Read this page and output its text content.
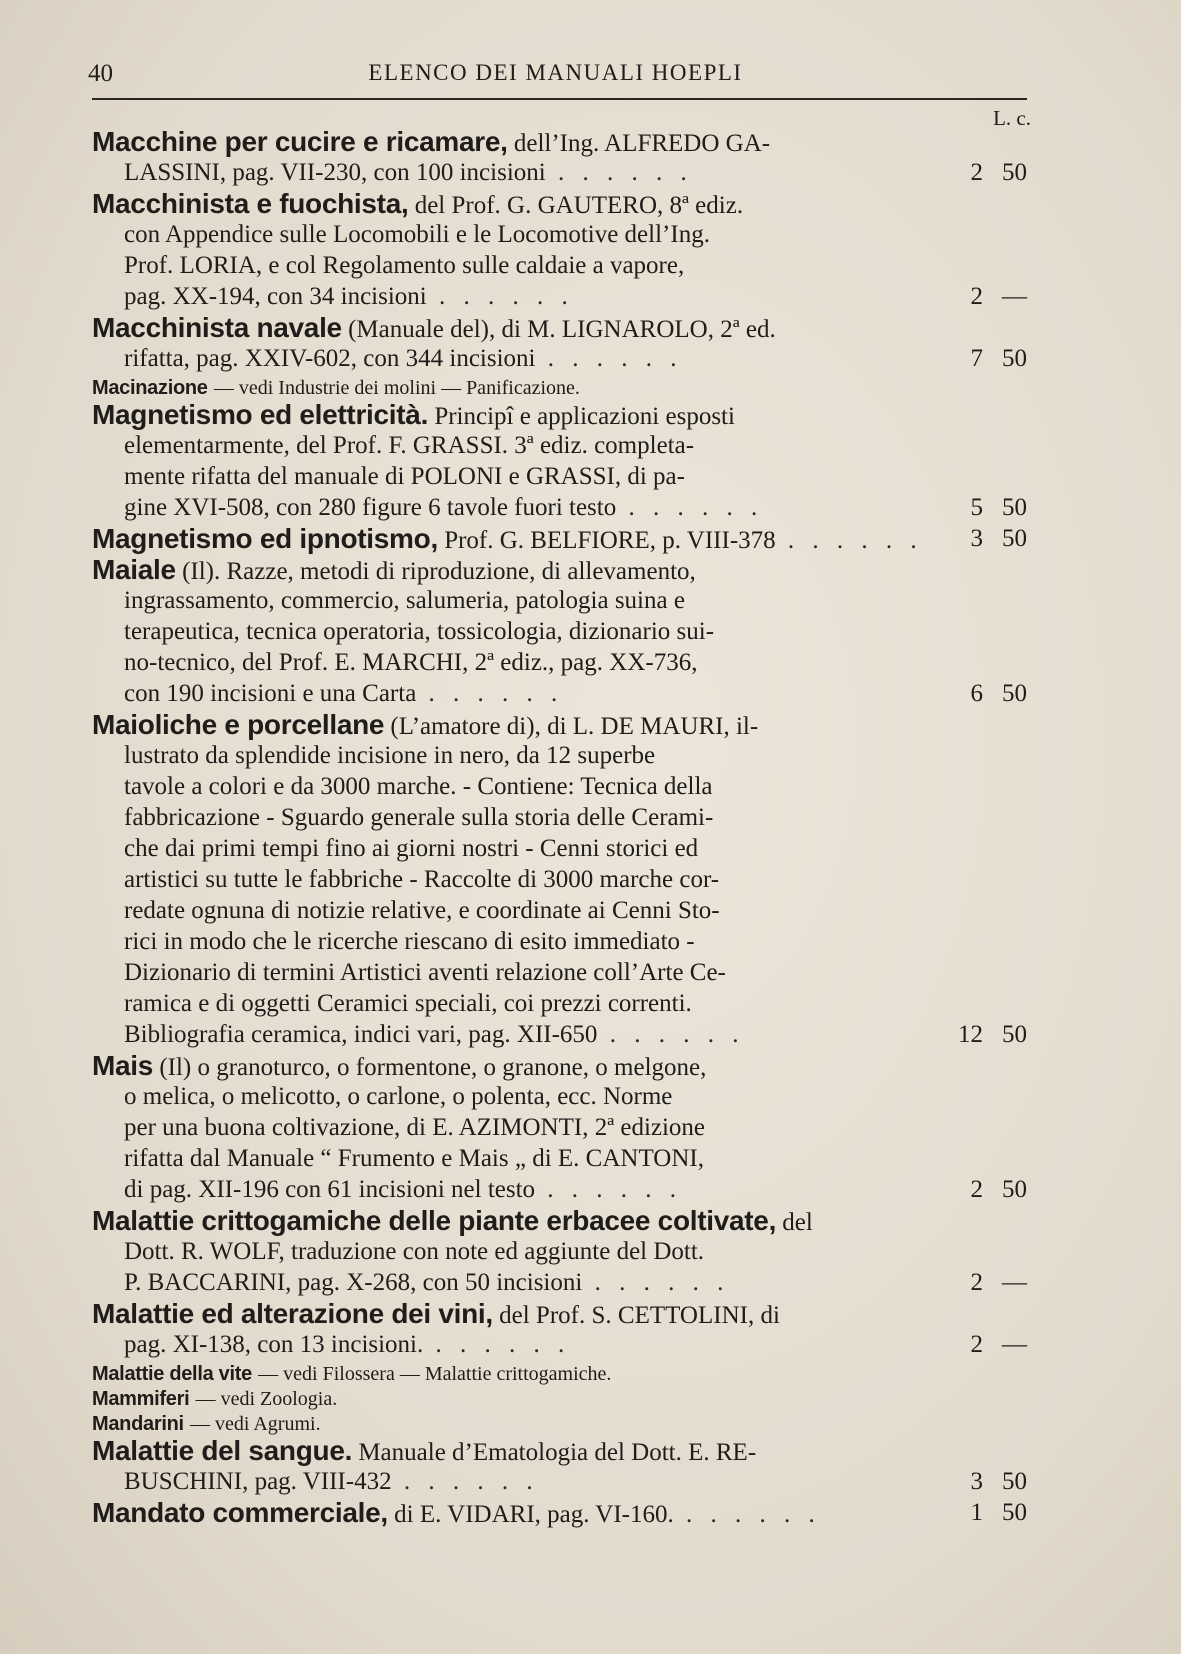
40	ELENCO DEI MANUALI HOEPLI
L. c.
Macchine per cucire e ricamare, dell’Ing. ALFREDO GA-
LASSINI, pag. VII-230, con 100 incisioni . . . . . .	2 50
Macchinista e fuochista, del Prof. G. GAUTERO, 8ª ediz.
con Appendice sulle Locomobili e le Locomotive dell’Ing.
Prof. LORIA, e col Regolamento sulle caldaie a vapore,
pag. XX-194, con 34 incisioni . . . . . .	2 —
Macchinista navale (Manuale del), di M. LIGNAROLO, 2ª ed.
rifatta, pag. XXIV-602, con 344 incisioni . . . . . .	7 50
Macinazione — vedi Industrie dei molini — Panificazione.
Magnetismo ed elettricità. Principî e applicazioni esposti
elementarmente, del Prof. F. GRASSI. 3ª ediz. completa-
mente rifatta del manuale di POLONI e GRASSI, di pa-
gine XVI-508, con 280 figure 6 tavole fuori testo . . . . . .	5 50
Magnetismo ed ipnotismo, Prof. G. BELFIORE, p. VIII-378 . . . . . .	3 50
Maiale (Il). Razze, metodi di riproduzione, di allevamento,
ingrassamento, commercio, salumeria, patologia suina e
terapeutica, tecnica operatoria, tossicologia, dizionario sui-
no-tecnico, del Prof. E. MARCHI, 2ª ediz., pag. XX-736,
con 190 incisioni e una Carta . . . . . .	6 50
Maioliche e porcellane (L’amatore di), di L. DE MAURI, il-
lustrato da splendide incisione in nero, da 12 superbe
tavole a colori e da 3000 marche. - Contiene: Tecnica della
fabbricazione - Sguardo generale sulla storia delle Cerami-
che dai primi tempi fino ai giorni nostri - Cenni storici ed
artistici su tutte le fabbriche - Raccolte di 3000 marche cor-
redate ognuna di notizie relative, e coordinate ai Cenni Sto-
rici in modo che le ricerche riescano di esito immediato -
Dizionario di termini Artistici aventi relazione coll’Arte Ce-
ramica e di oggetti Ceramici speciali, coi prezzi correnti.
Bibliografia ceramica, indici vari, pag. XII-650 . . . . . .	12 50
Mais (Il) o granoturco, o formentone, o granone, o melgone,
o melica, o melicotto, o carlone, o polenta, ecc. Norme
per una buona coltivazione, di E. AZIMONTI, 2ª edizione
rifatta dal Manuale “ Frumento e Mais „ di E. CANTONI,
di pag. XII-196 con 61 incisioni nel testo . . . . . .	2 50
Malattie crittogamiche delle piante erbacee coltivate, del
Dott. R. WOLF, traduzione con note ed aggiunte del Dott.
P. BACCARINI, pag. X-268, con 50 incisioni . . . . . .	2 —
Malattie ed alterazione dei vini, del Prof. S. CETTOLINI, di
pag. XI-138, con 13 incisioni. . . . . . .	2 —
Malattie della vite — vedi Filossera — Malattie crittogamiche.
Mammiferi — vedi Zoologia.
Mandarini — vedi Agrumi.
Malattie del sangue. Manuale d’Ematologia del Dott. E. RE-
BUSCHINI, pag. VIII-432 . . . . . .	3 50
Mandato commerciale, di E. VIDARI, pag. VI-160. . . . . . .	1 50
